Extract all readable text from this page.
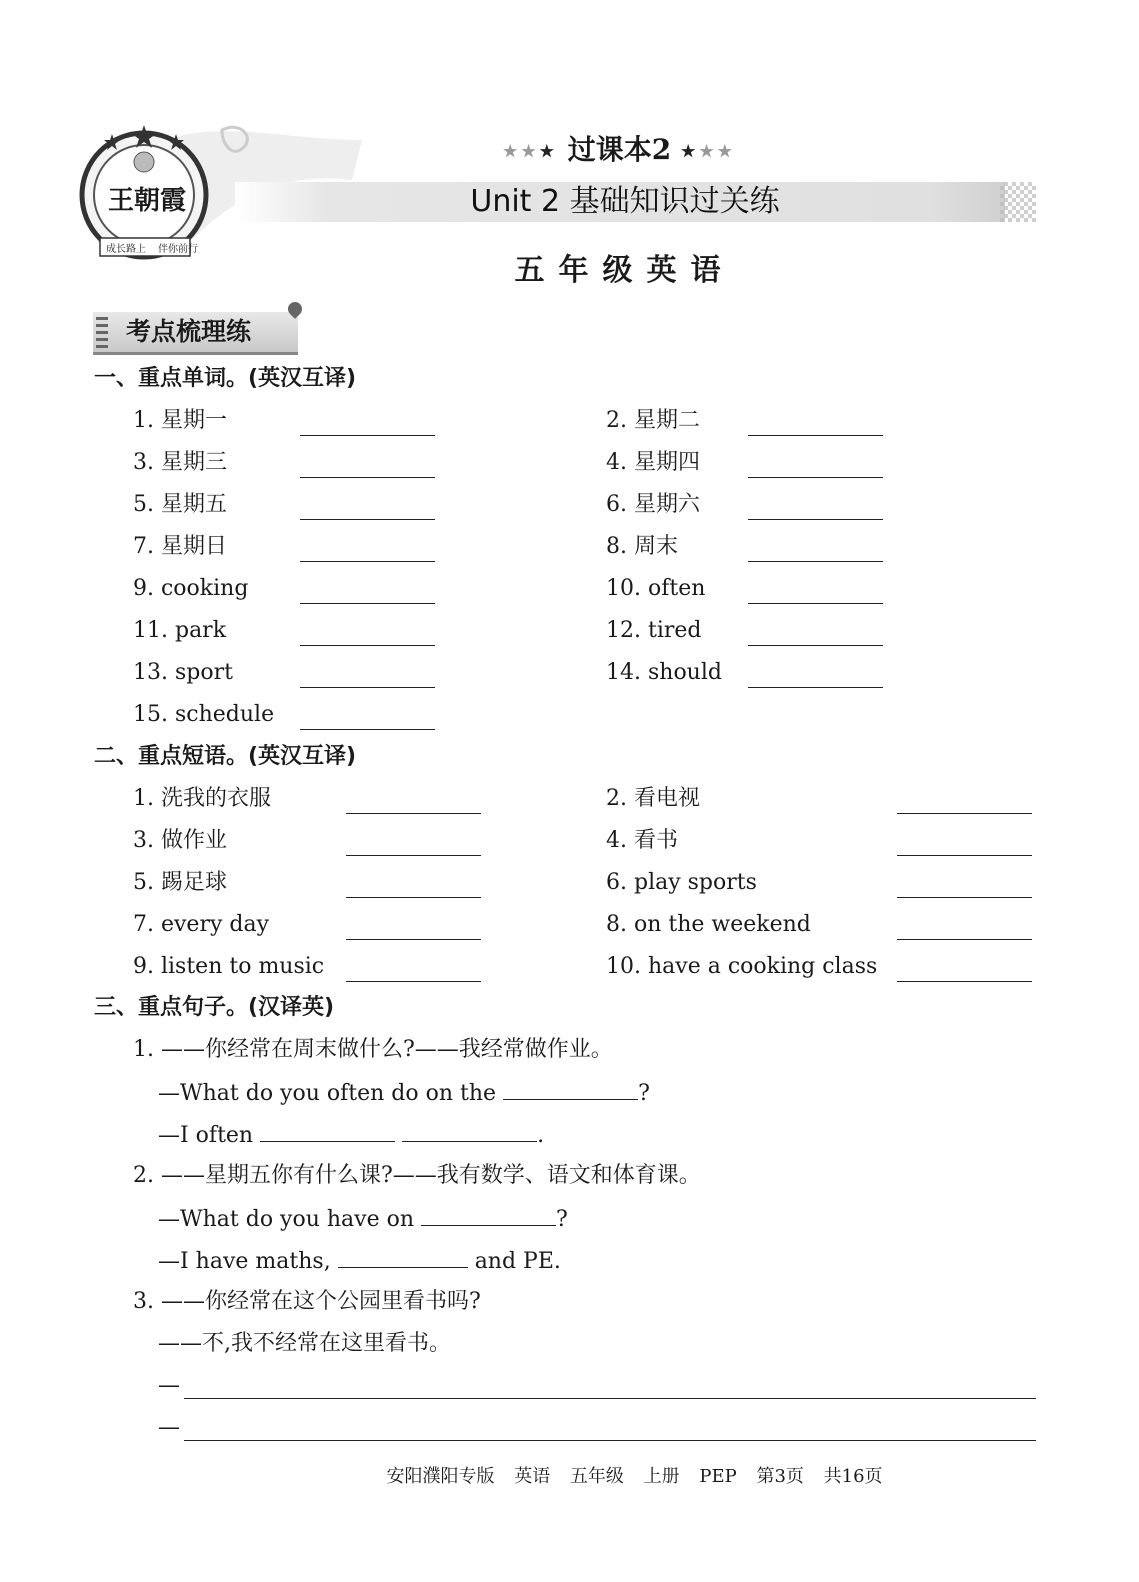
王朝霞
成长路上 伴你前行
★★★ 过课本2 ★★★
Unit 2 基础知识过关练
五年级英语
考点梳理练
一、重点单词。(英汉互译)
1. 星期一	2. 星期二
3. 星期三	4. 星期四
5. 星期五	6. 星期六
7. 星期日	8. 周末
9. cooking	10. often
11. park	12. tired
13. sport	14. should
15. schedule
二、重点短语。(英汉互译)
1. 洗我的衣服	2. 看电视
3. 做作业	4. 看书
5. 踢足球	6. play sports
7. every day	8. on the weekend
9. listen to music	10. have a cooking class
三、重点句子。(汉译英)
1. ——你经常在周末做什么?——我经常做作业。
—What do you often do on the	?
—I often	.
2. ——星期五你有什么课?——我有数学、语文和体育课。
—What do you have on	?
—I have maths,	and PE.
3. ——你经常在这个公园里看书吗?
——不,我不经常在这里看书。
—
—
安阳濮阳专版 英语 五年级 上册 PEP 第3页 共16页
